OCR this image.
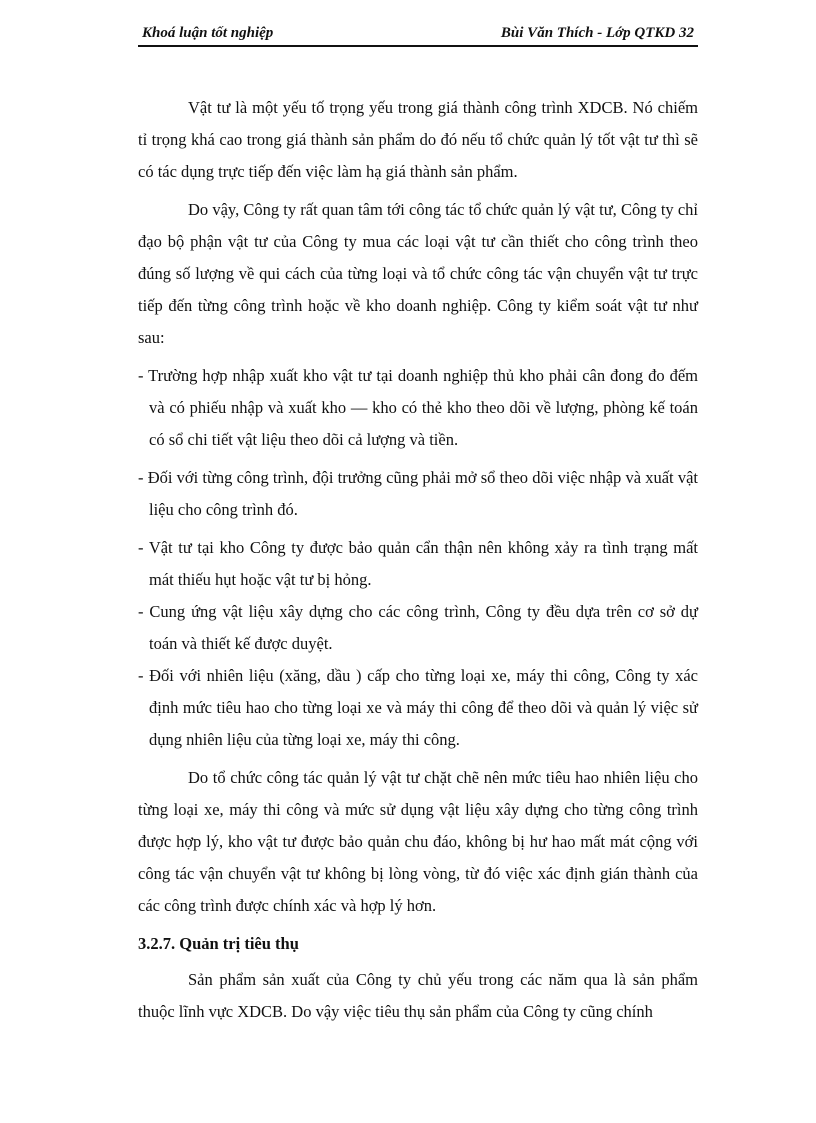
Khoá luận tốt nghiệp	Bùi Văn Thích - Lớp QTKD 32

Vật tư là một yếu tố trọng yếu trong giá thành công trình XDCB. Nó chiếm tỉ trọng khá cao trong giá thành sản phẩm do đó nếu tổ chức quản lý tốt vật tư thì sẽ có tác dụng trực tiếp đến việc làm hạ giá thành sản phẩm.

Do vậy, Công ty rất quan tâm tới công tác tổ chức quản lý vật tư, Công ty chỉ đạo bộ phận vật tư của Công ty mua các loại vật tư cần thiết cho công trình theo đúng số lượng về qui cách của từng loại và tổ chức công tác vận chuyển vật tư trực tiếp đến từng công trình hoặc về kho doanh nghiệp. Công ty kiểm soát vật tư như sau:

- Trường hợp nhập xuất kho vật tư tại doanh nghiệp thủ kho phải cân đong đo đếm và có phiếu nhập và xuất kho — kho có thẻ kho theo dõi về lượng, phòng kế toán có sổ chi tiết vật liệu theo dõi cả lượng và tiền.

- Đối với từng công trình, đội trưởng cũng phải mở sổ theo dõi việc nhập và xuất vật liệu cho công trình đó.

- Vật tư tại kho Công ty được bảo quản cẩn thận nên không xảy ra tình trạng mất mát thiếu hụt hoặc vật tư bị hỏng.

- Cung ứng vật liệu xây dựng cho các công trình, Công ty đều dựa trên cơ sở dự toán và thiết kế được duyệt.

- Đối với nhiên liệu (xăng, dầu ) cấp cho từng loại xe, máy thi công, Công ty xác định mức tiêu hao cho từng loại xe và máy thi công để theo dõi và quản lý việc sử dụng nhiên liệu của từng loại xe, máy thi công.

Do tổ chức công tác quản lý vật tư chặt chẽ nên mức tiêu hao nhiên liệu cho từng loại xe, máy thi công và mức sử dụng vật liệu xây dựng cho từng công trình được hợp lý, kho vật tư được bảo quản chu đáo, không bị hư hao mất mát cộng với công tác vận chuyển vật tư không bị lòng vòng, từ đó việc xác định gián thành của các công trình được chính xác và hợp lý hơn.

3.2.7. Quản trị tiêu thụ

Sản phẩm sản xuất của Công ty chủ yếu trong các năm qua là sản phẩm thuộc lĩnh vực XDCB. Do vậy việc tiêu thụ sản phẩm của Công ty cũng chính
